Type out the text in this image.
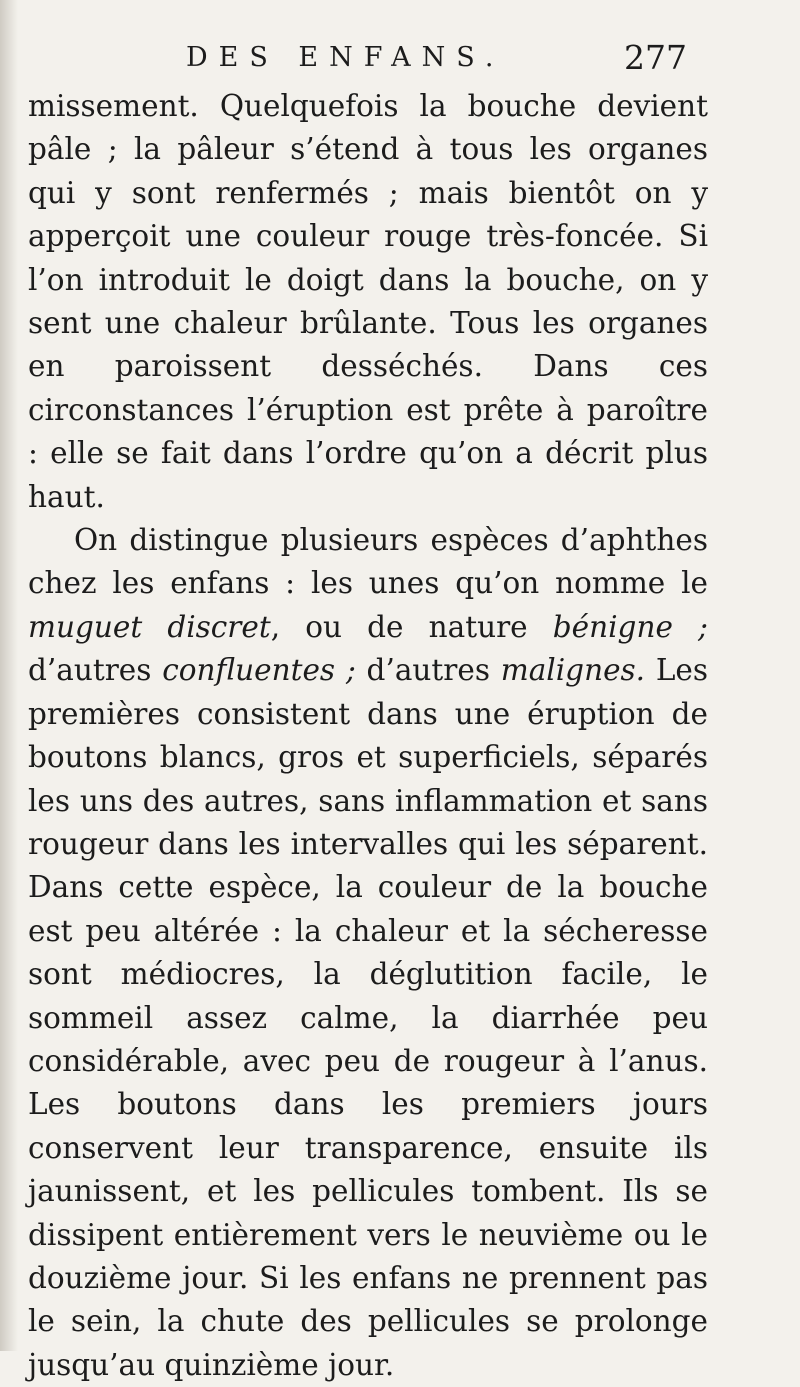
DES ENFANS.	277

missement. Quelquefois la bouche devient pâle ; la pâleur s’étend à tous les organes qui y sont renfermés ; mais bientôt on y apperçoit une couleur rouge très-foncée. Si l’on introduit le doigt dans la bouche, on y sent une chaleur brûlante. Tous les organes en paroissent desséchés. Dans ces circonstances l’éruption est prête à paroître : elle se fait dans l’ordre qu’on a décrit plus haut.

On distingue plusieurs espèces d’aphthes chez les enfans : les unes qu’on nomme le muguet discret, ou de nature bénigne ; d’autres confluentes ; d’autres malignes. Les premières consistent dans une éruption de boutons blancs, gros et superficiels, séparés les uns des autres, sans inflammation et sans rougeur dans les intervalles qui les séparent. Dans cette espèce, la couleur de la bouche est peu altérée : la chaleur et la sécheresse sont médiocres, la déglutition facile, le sommeil assez calme, la diarrhée peu considérable, avec peu de rougeur à l’anus. Les boutons dans les premiers jours conservent leur transparence, ensuite ils jaunissent, et les pellicules tombent. Ils se dissipent entièrement vers le neuvième ou le douzième jour. Si les enfans ne prennent pas le sein, la chute des pellicules se prolonge jusqu’au quinzième jour.
